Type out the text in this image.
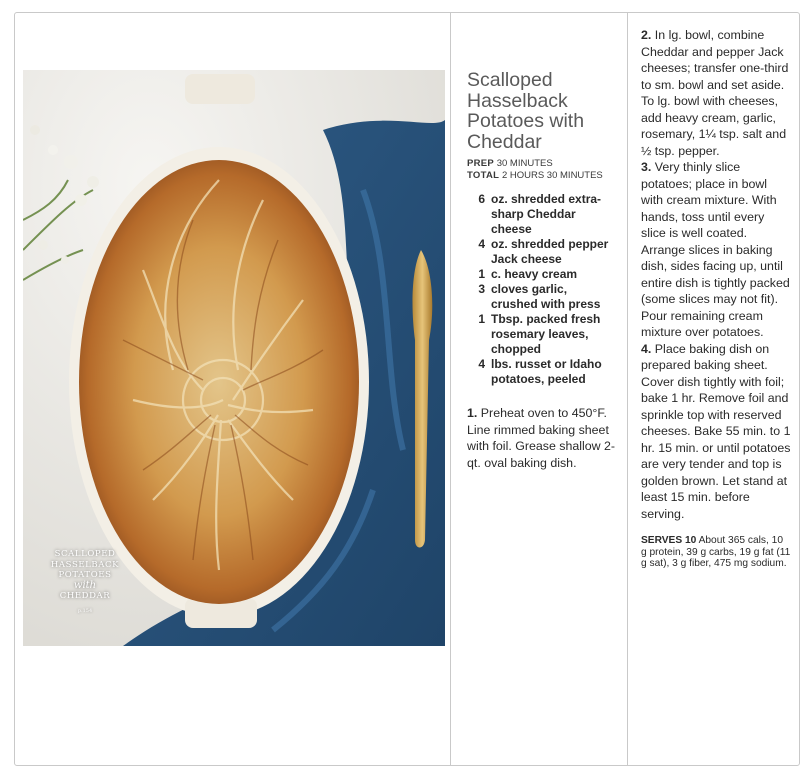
SCALLOPED
HASSELBACK
POTATOES
with
CHEDDAR
p.154
Scalloped Hasselback Potatoes with Cheddar
PREP 30 MINUTES
TOTAL 2 HOURS 30 MINUTES
6 oz. shredded extra-sharp Cheddar cheese
4 oz. shredded pepper Jack cheese
1 c. heavy cream
3 cloves garlic, crushed with press
1 Tbsp. packed fresh rosemary leaves, chopped
4 lbs. russet or Idaho potatoes, peeled

1. Preheat oven to 450°F. Line rimmed baking sheet with foil. Grease shallow 2-qt. oval baking dish.

2. In lg. bowl, combine Cheddar and pepper Jack cheeses; transfer one-third to sm. bowl and set aside. To lg. bowl with cheeses, add heavy cream, garlic, rosemary, 1¼ tsp. salt and ½ tsp. pepper.

3. Very thinly slice potatoes; place in bowl with cream mixture. With hands, toss until every slice is well coated. Arrange slices in baking dish, sides facing up, until entire dish is tightly packed (some slices may not fit). Pour remaining cream mixture over potatoes.

4. Place baking dish on prepared baking sheet. Cover dish tightly with foil; bake 1 hr. Remove foil and sprinkle top with reserved cheeses. Bake 55 min. to 1 hr. 15 min. or until potatoes are very tender and top is golden brown. Let stand at least 15 min. before serving.

SERVES 10 About 365 cals, 10 g protein, 39 g carbs, 19 g fat (11 g sat), 3 g fiber, 475 mg sodium.
